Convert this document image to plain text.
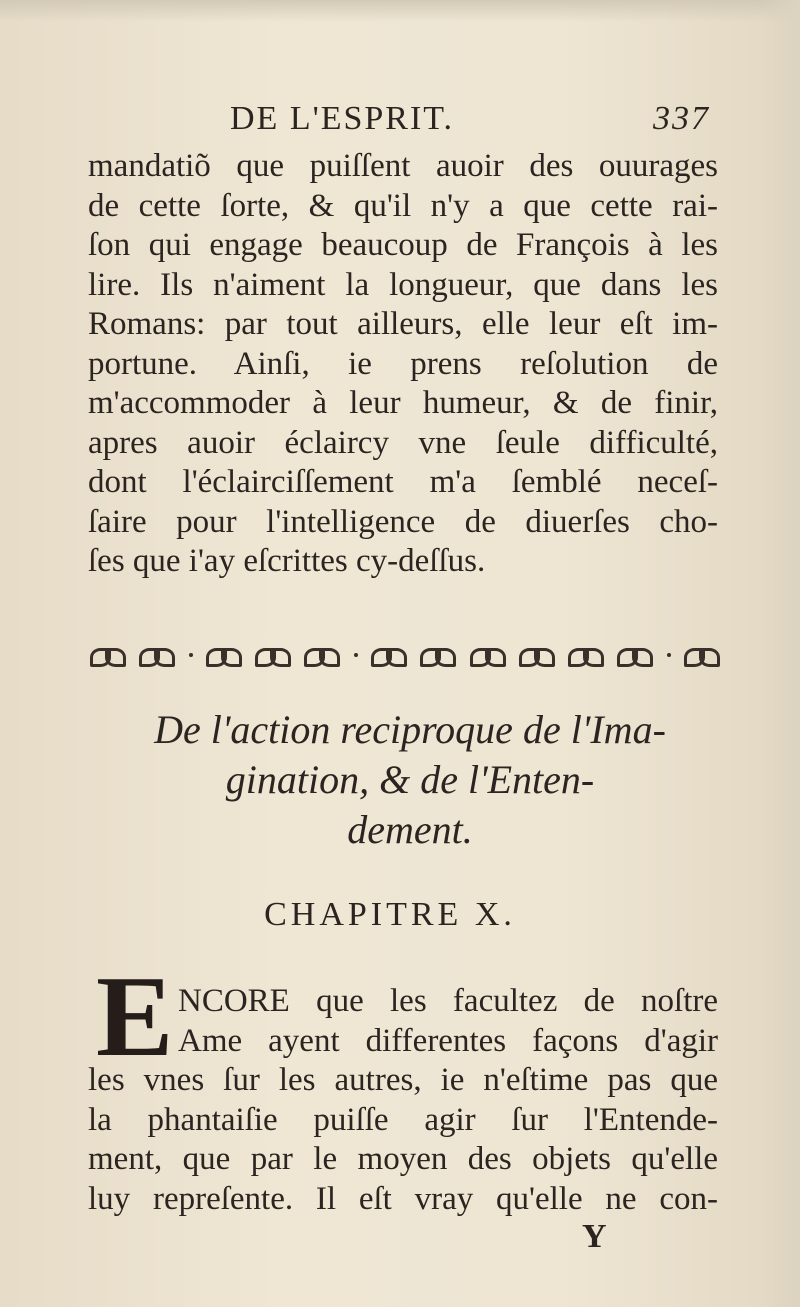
DE L'ESPRIT.	337
mandatiõ que puiſſent auoir des ouurages
de cette ſorte, & qu'il n'y a que cette rai-
ſon qui engage beaucoup de François à les
lire. Ils n'aiment la longueur, que dans les
Romans: par tout ailleurs, elle leur eſt im-
portune. Ainſi, ie prens reſolution de
m'accommoder à leur humeur, & de finir,
apres auoir éclaircy vne ſeule difficulté,
dont l'éclairciſſement m'a ſemblé neceſ-
ſaire pour l'intelligence de diuerſes cho-
ſes que i'ay eſcrittes cy-deſſus.
De l'action reciproque de l'Ima-
gination, & de l'Enten-
dement.
CHAPITRE X.
E NCORE que les facultez de noſtre
Ame ayent differentes façons d'agir
les vnes ſur les autres, ie n'eſtime pas que
la phantaiſie puiſſe agir ſur l'Entende-
ment, que par le moyen des objets qu'elle
luy repreſente. Il eſt vray qu'elle ne con-
Y
